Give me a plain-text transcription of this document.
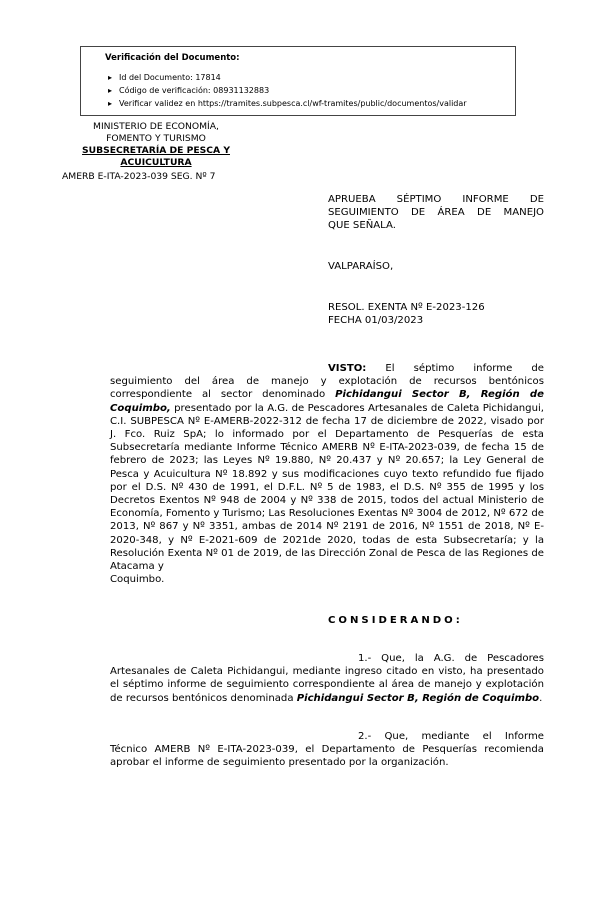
Verificación del Documento:
▸ Id del Documento: 17814
▸ Código de verificación: 08931132883
▸ Verificar validez en https://tramites.subpesca.cl/wf-tramites/public/documentos/validar
MINISTERIO DE ECONOMÍA,
FOMENTO Y TURISMO
SUBSECRETARÍA DE PESCA Y
ACUICULTURA
AMERB E-ITA-2023-039 SEG. Nº 7
APRUEBA SÉPTIMO INFORME DE
SEGUIMIENTO DE ÁREA DE MANEJO
QUE SEÑALA.
VALPARAÍSO,
RESOL. EXENTA Nº E-2023-126
FECHA 01/03/2023
VISTO: El séptimo informe de seguimiento del área de manejo y explotación de recursos bentónicos correspondiente al sector denominado Pichidangui Sector B, Región de Coquimbo, presentado por la A.G. de Pescadores Artesanales de Caleta Pichidangui, C.I. SUBPESCA Nº E-AMERB-2022-312 de fecha 17 de diciembre de 2022, visado por J. Fco. Ruiz SpA; lo informado por el Departamento de Pesquerías de esta Subsecretaría mediante Informe Técnico AMERB Nº E-ITA-2023-039, de fecha 15 de febrero de 2023; las Leyes Nº 19.880, Nº 20.437 y Nº 20.657; la Ley General de Pesca y Acuicultura Nº 18.892 y sus modificaciones cuyo texto refundido fue fijado por el D.S. Nº 430 de 1991, el D.F.L. Nº 5 de 1983, el D.S. Nº 355 de 1995 y los Decretos Exentos Nº 948 de 2004 y Nº 338 de 2015, todos del actual Ministerio de Economía, Fomento y Turismo; Las Resoluciones Exentas Nº 3004 de 2012, Nº 672 de 2013, Nº 867 y Nº 3351, ambas de 2014 Nº 2191 de 2016, Nº 1551 de 2018, Nº E-2020-348, y Nº E-2021-609 de 2021de 2020, todas de esta Subsecretaría; y la Resolución Exenta Nº 01 de 2019, de las Dirección Zonal de Pesca de las Regiones de Atacama y
Coquimbo.
CONSIDERANDO:
1.- Que, la A.G. de Pescadores Artesanales de Caleta Pichidangui, mediante ingreso citado en visto, ha presentado el séptimo informe de seguimiento correspondiente al área de manejo y explotación de recursos bentónicos denominada Pichidangui Sector B, Región de Coquimbo.
2.- Que, mediante el Informe Técnico AMERB Nº E-ITA-2023-039, el Departamento de Pesquerías recomienda aprobar el informe de seguimiento presentado por la organización.
